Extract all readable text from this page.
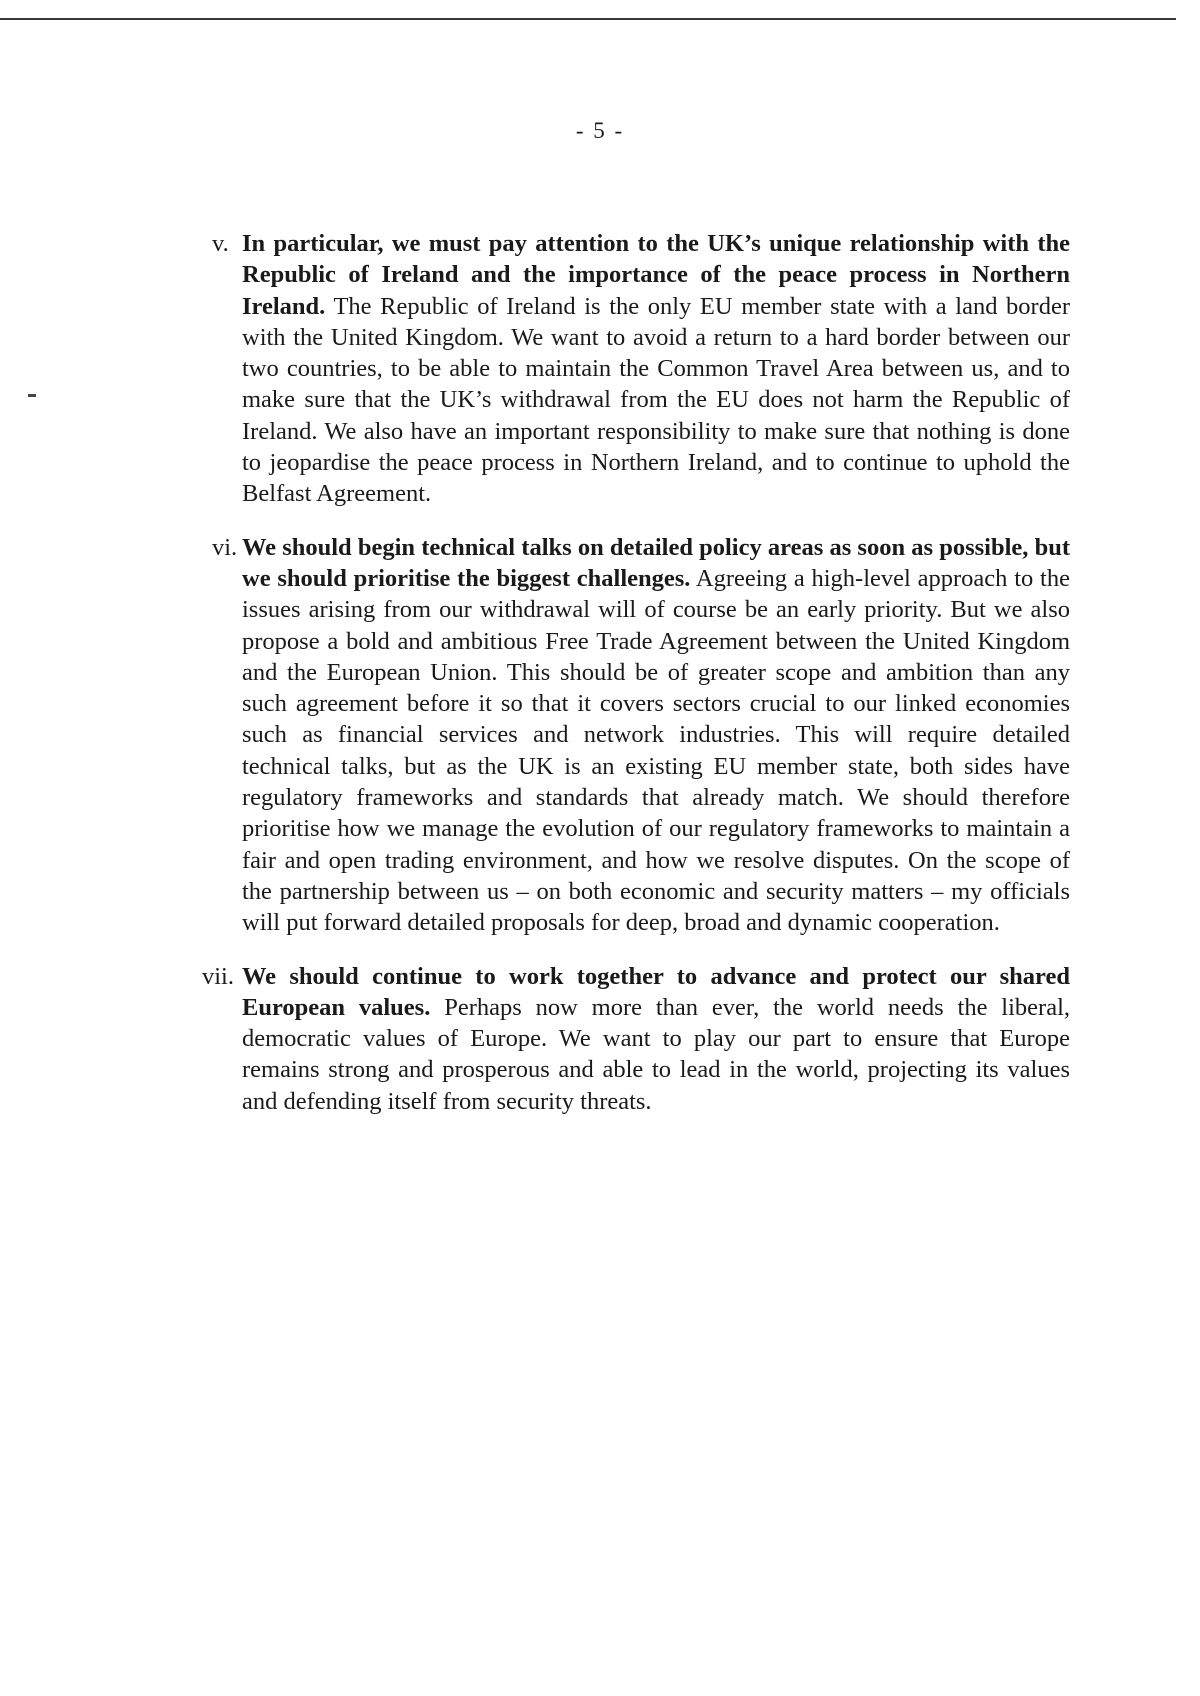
- 5 -
v. In particular, we must pay attention to the UK’s unique relationship with the Republic of Ireland and the importance of the peace process in Northern Ireland. The Republic of Ireland is the only EU member state with a land border with the United Kingdom. We want to avoid a return to a hard border between our two countries, to be able to maintain the Common Travel Area between us, and to make sure that the UK’s withdrawal from the EU does not harm the Republic of Ireland. We also have an important responsibility to make sure that nothing is done to jeopardise the peace process in Northern Ireland, and to continue to uphold the Belfast Agreement.
vi. We should begin technical talks on detailed policy areas as soon as possible, but we should prioritise the biggest challenges. Agreeing a high-level approach to the issues arising from our withdrawal will of course be an early priority. But we also propose a bold and ambitious Free Trade Agreement between the United Kingdom and the European Union. This should be of greater scope and ambition than any such agreement before it so that it covers sectors crucial to our linked economies such as financial services and network industries. This will require detailed technical talks, but as the UK is an existing EU member state, both sides have regulatory frameworks and standards that already match. We should therefore prioritise how we manage the evolution of our regulatory frameworks to maintain a fair and open trading environment, and how we resolve disputes. On the scope of the partnership between us – on both economic and security matters – my officials will put forward detailed proposals for deep, broad and dynamic cooperation.
vii. We should continue to work together to advance and protect our shared European values. Perhaps now more than ever, the world needs the liberal, democratic values of Europe. We want to play our part to ensure that Europe remains strong and prosperous and able to lead in the world, projecting its values and defending itself from security threats.
